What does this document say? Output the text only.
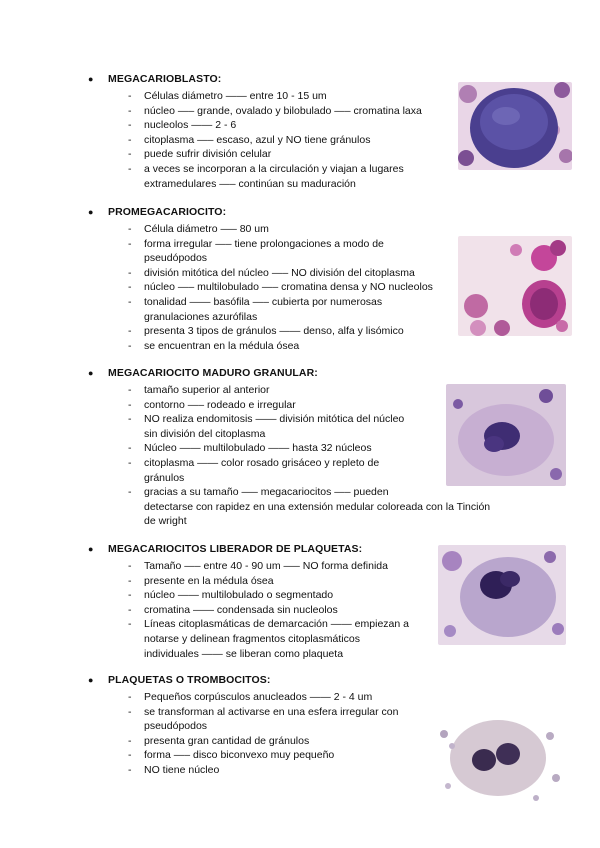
●	MEGACARIOBLASTO:
- Células diámetro —— entre 10 - 15 um
- núcleo —– grande, ovalado y bilobulado —– cromatina laxa
- nucleolos —— 2 - 6
- citoplasma —– escaso, azul y NO tiene gránulos
- puede sufrir división celular
- a veces se incorporan a la circulación y viajan a lugares
extramedulares —– continúan su maduración
●	PROMEGACARIOCITO:
- Célula diámetro —– 80 um
- forma irregular —– tiene prolongaciones a modo de
pseudópodos
- división mitótica del núcleo —– NO división del citoplasma
- núcleo —– multilobulado —– cromatina densa y NO nucleolos
- tonalidad —— basófila —– cubierta por numerosas
granulaciones azurófilas
- presenta 3 tipos de gránulos —— denso, alfa y lisómico
- se encuentran en la médula ósea
●	MEGACARIOCITO MADURO GRANULAR:
- tamaño superior al anterior
- contorno —– rodeado e irregular
- NO realiza endomitosis —— división mitótica del núcleo
sin división del citoplasma
- Núcleo —— multilobulado —— hasta 32 núcleos
- citoplasma —— color rosado grisáceo y repleto de
gránulos
- gracias a su tamaño —– megacariocitos —– pueden
detectarse con rapidez en una extensión medular coloreada con la Tinción
de wright
●	MEGACARIOCITOS LIBERADOR DE PLAQUETAS:
- Tamaño —– entre 40 - 90 um —– NO forma definida
- presente en la médula ósea
- núcleo —— multilobulado o segmentado
- cromatina —— condensada sin nucleolos
- Líneas citoplasmáticas de demarcación —— empiezan a
notarse y delinean fragmentos citoplasmáticos
individuales —— se liberan como plaqueta
●	PLAQUETAS O TROMBOCITOS:
- Pequeños corpúsculos anucleados —— 2 - 4 um
- se transforman al activarse en una esfera irregular con
pseudópodos
- presenta gran cantidad de gránulos
- forma —– disco biconvexo muy pequeño
- NO tiene núcleo
